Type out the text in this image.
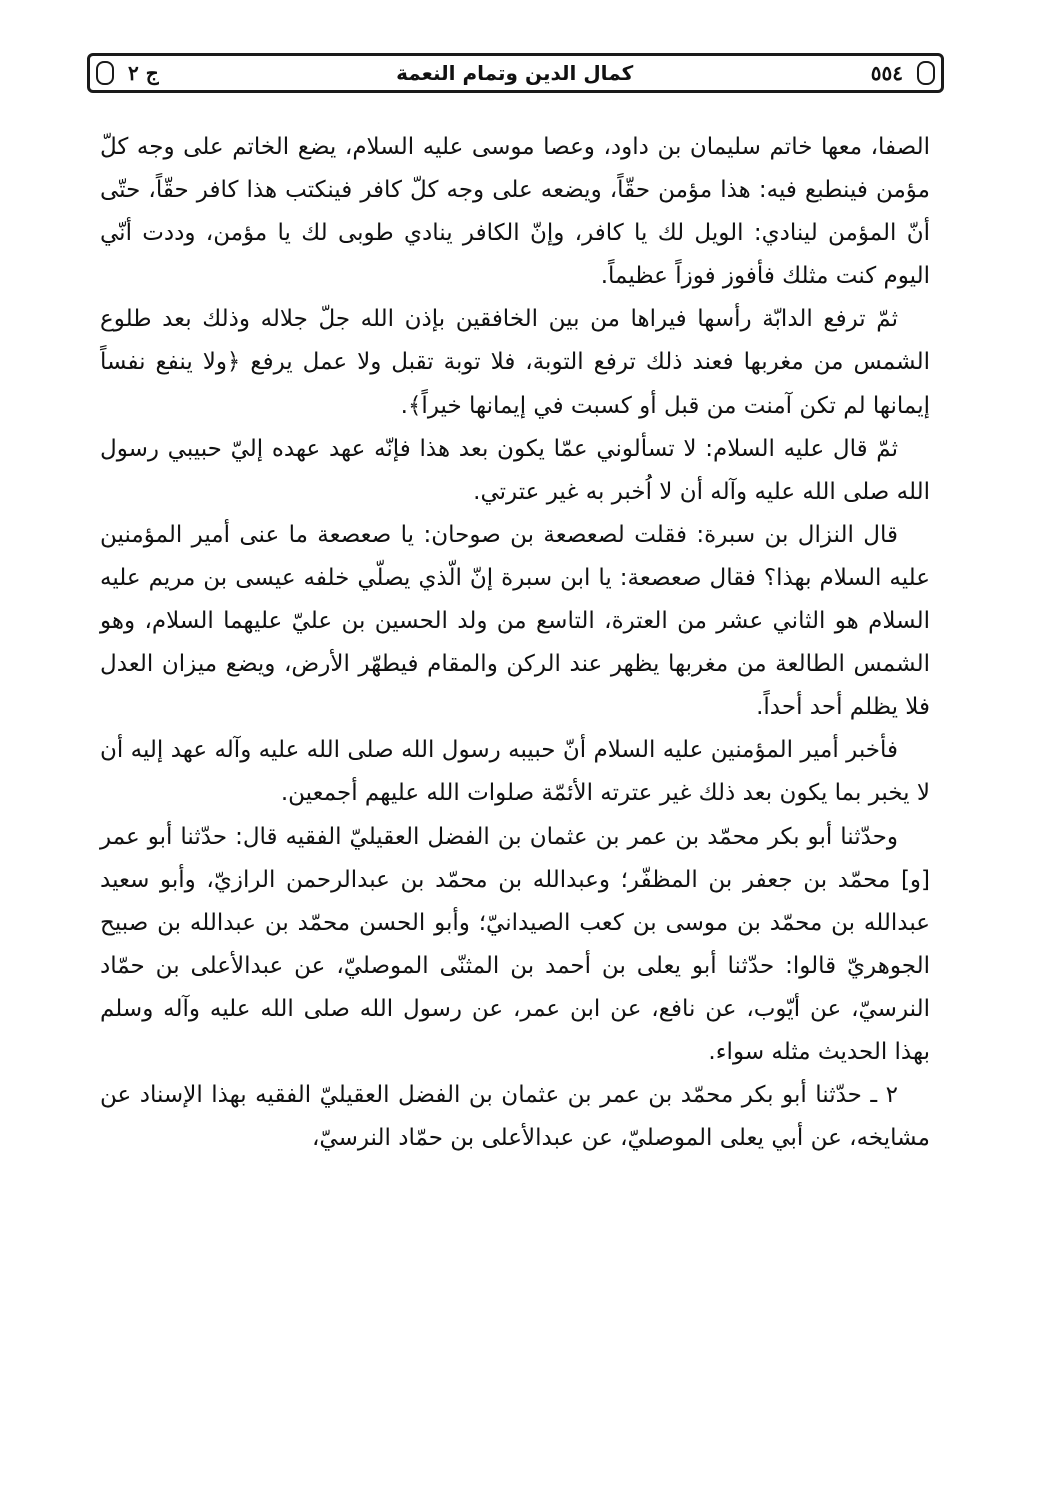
ج ٢	كمال الدين وتمام النعمة	٥٥٤

الصفا، معها خاتم سليمان بن داود، وعصا موسى عليه السلام، يضع الخاتم على وجه كلّ مؤمن فينطبع فيه: هذا مؤمن حقّاً، ويضعه على وجه كلّ كافر فينكتب هذا كافر حقّاً، حتّى أنّ المؤمن لينادي: الويل لك يا كافر، وإنّ الكافر ينادي طوبى لك يا مؤمن، وددت أنّي اليوم كنت مثلك فأفوز فوزاً عظيماً.

ثمّ ترفع الدابّة رأسها فيراها من بين الخافقين بإذن الله جلّ جلاله وذلك بعد طلوع الشمس من مغربها فعند ذلك ترفع التوبة، فلا توبة تقبل ولا عمل يرفع ﴿ولا ينفع نفساً إيمانها لم تكن آمنت من قبل أو كسبت في إيمانها خيراً﴾.

ثمّ قال عليه السلام: لا تسألوني عمّا يكون بعد هذا فإنّه عهد عهده إليّ حبيبي رسول الله صلى الله عليه وآله أن لا اُخبر به غير عترتي.

قال النزال بن سبرة: فقلت لصعصعة بن صوحان: يا صعصعة ما عنى أمير المؤمنين عليه السلام بهذا؟ فقال صعصعة: يا ابن سبرة إنّ الّذي يصلّي خلفه عيسى بن مريم عليه السلام هو الثاني عشر من العترة، التاسع من ولد الحسين بن عليّ عليهما السلام، وهو الشمس الطالعة من مغربها يظهر عند الركن والمقام فيطهّر الأرض، ويضع ميزان العدل فلا يظلم أحد أحداً.

فأخبر أمير المؤمنين عليه السلام أنّ حبيبه رسول الله صلى الله عليه وآله عهد إليه أن لا يخبر بما يكون بعد ذلك غير عترته الأئمّة صلوات الله عليهم أجمعين.

وحدّثنا أبو بكر محمّد بن عمر بن عثمان بن الفضل العقيليّ الفقيه قال: حدّثنا أبو عمر [و] محمّد بن جعفر بن المظفّر؛ وعبدالله بن محمّد بن عبدالرحمن الرازيّ، وأبو سعيد عبدالله بن محمّد بن موسى بن كعب الصيدانيّ؛ وأبو الحسن محمّد بن عبدالله بن صبيح الجوهريّ قالوا: حدّثنا أبو يعلى بن أحمد بن المثنّى الموصليّ، عن عبدالأعلى بن حمّاد النرسيّ، عن أيّوب، عن نافع، عن ابن عمر، عن رسول الله صلى الله عليه وآله وسلم بهذا الحديث مثله سواء.

٢ ـ حدّثنا أبو بكر محمّد بن عمر بن عثمان بن الفضل العقيليّ الفقيه بهذا الإسناد عن مشايخه، عن أبي يعلى الموصليّ، عن عبدالأعلى بن حمّاد النرسيّ،
